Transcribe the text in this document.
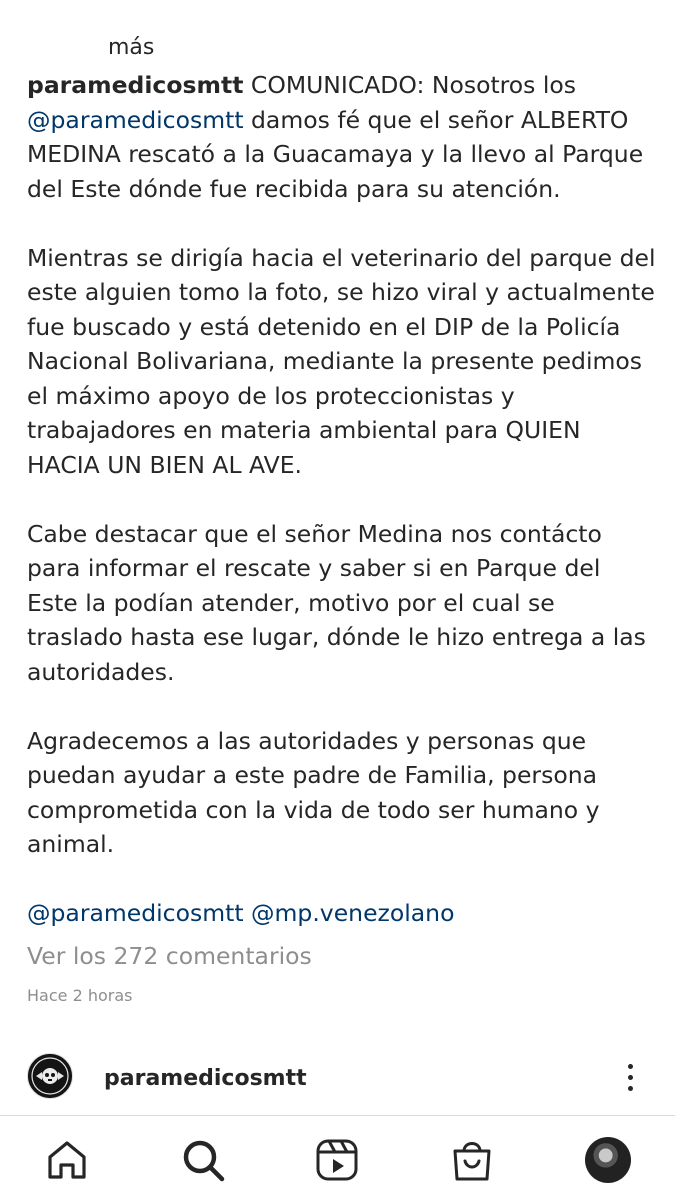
más

paramedicosmtt COMUNICADO: Nosotros los @paramedicosmtt damos fé que el señor ALBERTO MEDINA rescató a la Guacamaya y la llevo al Parque del Este dónde fue recibida para su atención.

Mientras se dirigía hacia el veterinario del parque del este alguien tomo la foto, se hizo viral y actualmente fue buscado y está detenido en el DIP de la Policía Nacional Bolivariana, mediante la presente pedimos el máximo apoyo de los proteccionistas y trabajadores en materia ambiental para QUIEN HACIA UN BIEN AL AVE.

Cabe destacar que el señor Medina nos contácto para informar el rescate y saber si en Parque del Este la podían atender, motivo por el cual se traslado hasta ese lugar, dónde le hizo entrega a las autoridades.

Agradecemos a las autoridades y personas que puedan ayudar a este padre de Familia, persona comprometida con la vida de todo ser humano y animal.

@paramedicosmtt @mp.venezolano

Ver los 272 comentarios
Hace 2 horas
paramedicosmtt
